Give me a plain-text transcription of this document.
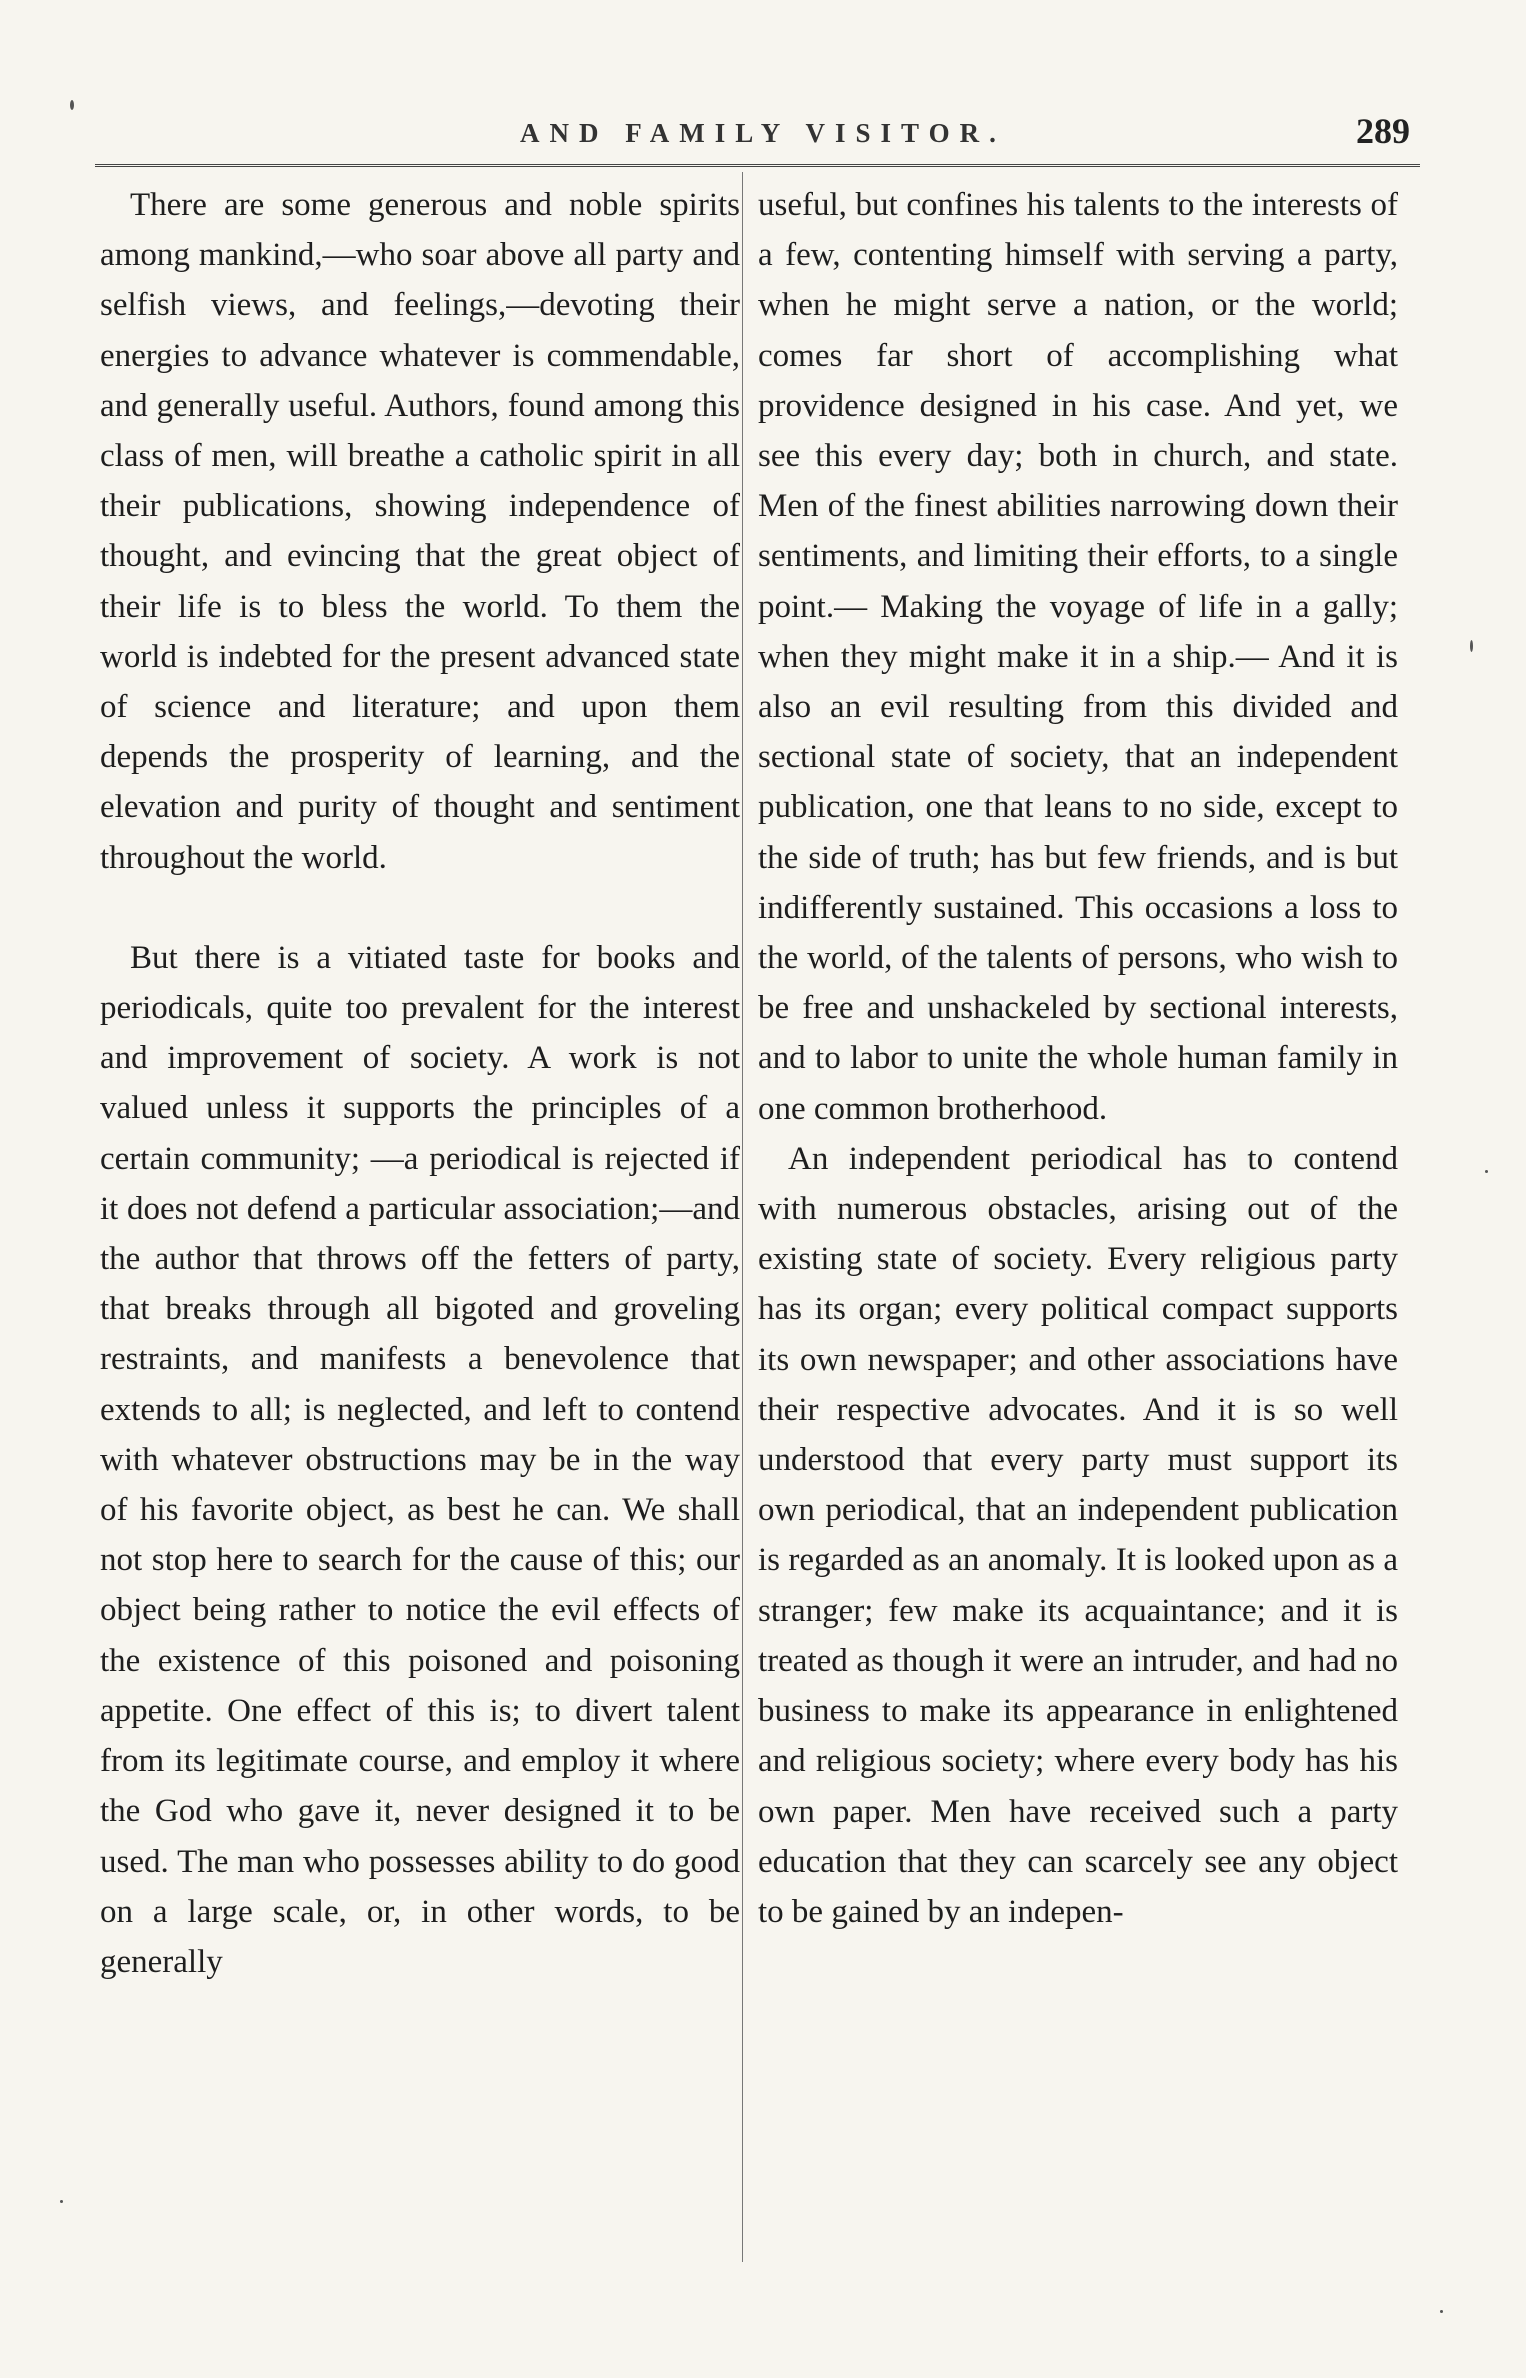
AND FAMILY VISITOR.	289

There are some generous and noble spirits among mankind,—who soar above all party and selfish views, and feelings,—devoting their energies to advance whatever is commendable, and generally useful. Authors, found among this class of men, will breathe a catholic spirit in all their publications, showing independence of thought, and evincing that the great object of their life is to bless the world. To them the world is indebted for the present advanced state of science and literature; and upon them depends the prosperity of learning, and the elevation and purity of thought and sentiment throughout the world.

But there is a vitiated taste for books and periodicals, quite too prevalent for the interest and improvement of society. A work is not valued unless it supports the principles of a certain community; —a periodical is rejected if it does not defend a particular association;—and the author that throws off the fetters of party, that breaks through all bigoted and groveling restraints, and manifests a benevolence that extends to all; is neglected, and left to contend with whatever obstructions may be in the way of his favorite object, as best he can. We shall not stop here to search for the cause of this; our object being rather to notice the evil effects of the existence of this poisoned and poisoning appetite. One effect of this is; to divert talent from its legitimate course, and employ it where the God who gave it, never designed it to be used. The man who possesses ability to do good on a large scale, or, in other words, to be generally

useful, but confines his talents to the interests of a few, contenting himself with serving a party, when he might serve a nation, or the world; comes far short of accomplishing what providence designed in his case. And yet, we see this every day; both in church, and state. Men of the finest abilities narrowing down their sentiments, and limiting their efforts, to a single point.— Making the voyage of life in a gally; when they might make it in a ship.— And it is also an evil resulting from this divided and sectional state of society, that an independent publication, one that leans to no side, except to the side of truth; has but few friends, and is but indifferently sustained. This occasions a loss to the world, of the talents of persons, who wish to be free and unshackeled by sectional interests, and to labor to unite the whole human family in one common brotherhood.

An independent periodical has to contend with numerous obstacles, arising out of the existing state of society. Every religious party has its organ; every political compact supports its own newspaper; and other associations have their respective advocates. And it is so well understood that every party must support its own periodical, that an independent publication is regarded as an anomaly. It is looked upon as a stranger; few make its acquaintance; and it is treated as though it were an intruder, and had no business to make its appearance in enlightened and religious society; where every body has his own paper. Men have received such a party education that they can scarcely see any object to be gained by an indepen-
